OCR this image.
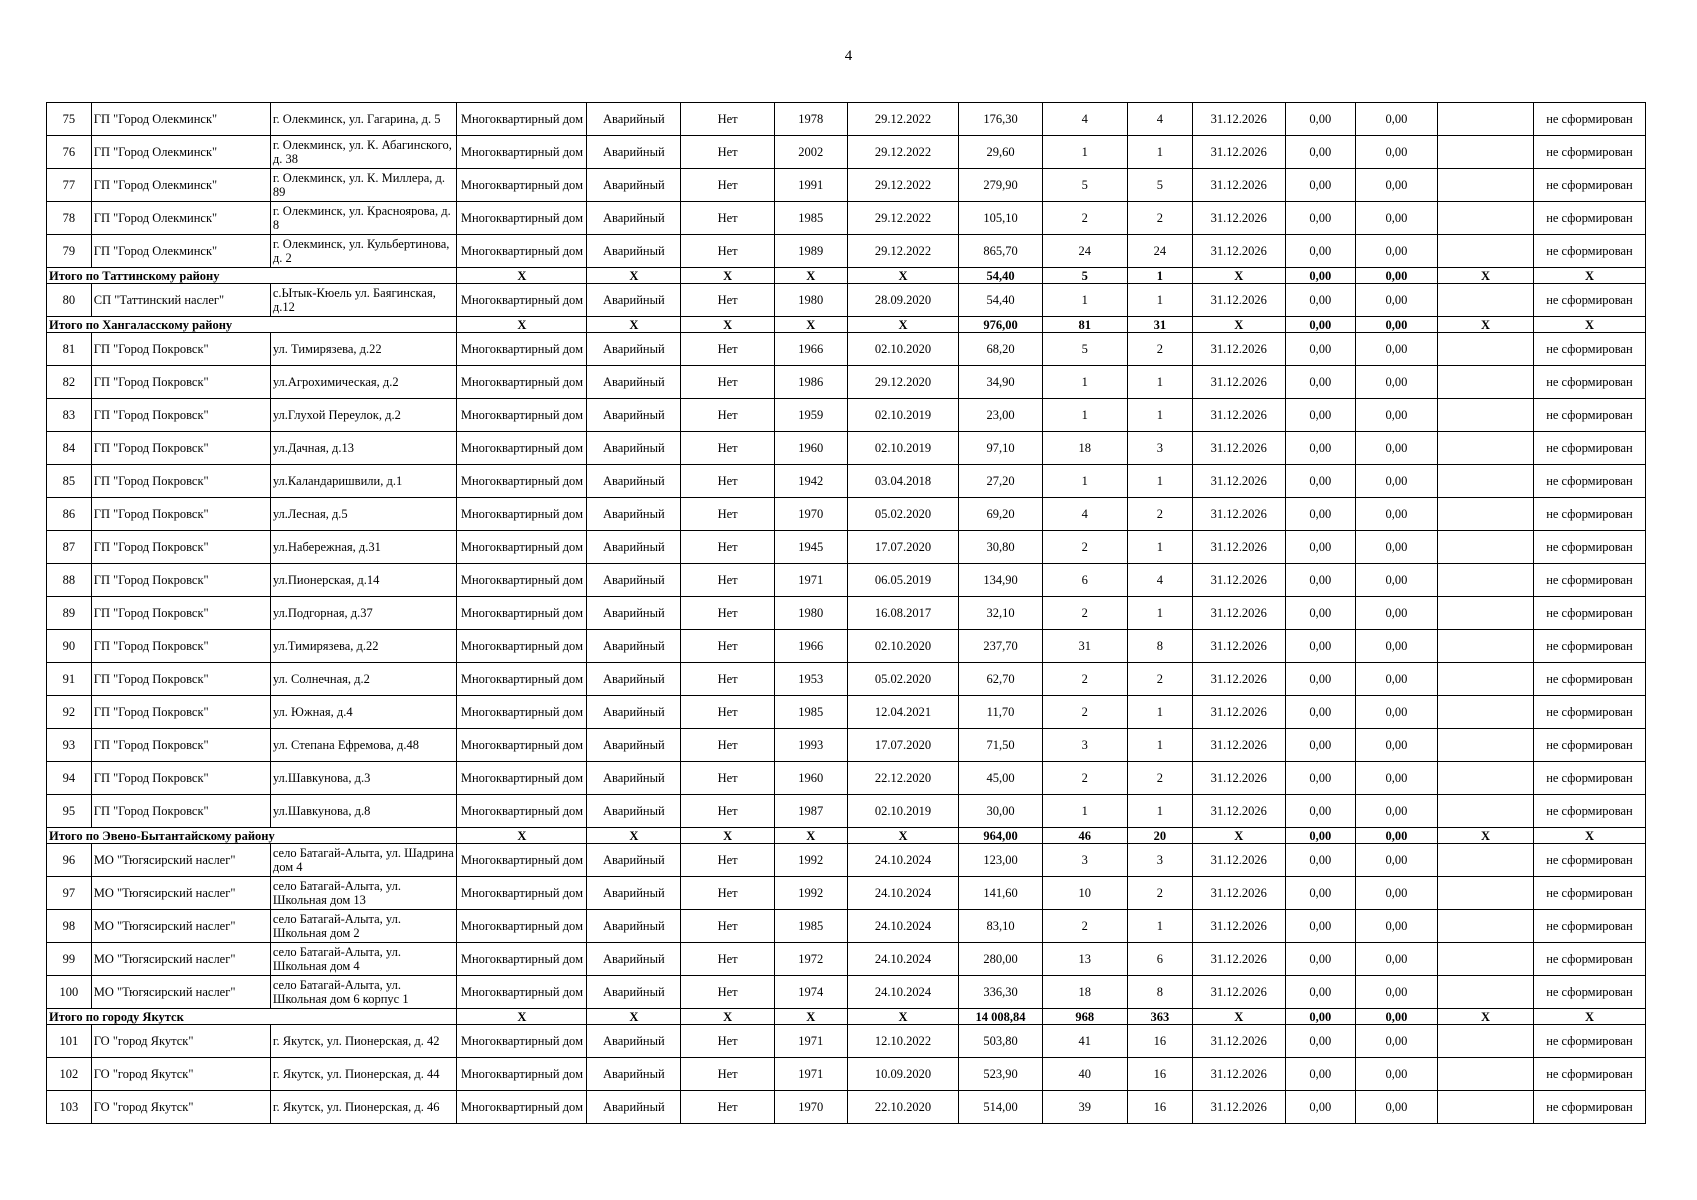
4
75	ГП "Город Олекминск"	г. Олекминск, ул. Гагарина, д. 5	Многоквартирный дом	Аварийный	Нет	1978	29.12.2022	176,30	4	4	31.12.2026	0,00	0,00		не сформирован
76	ГП "Город Олекминск"	г. Олекминск, ул. К. Абагинского, д. 38	Многоквартирный дом	Аварийный	Нет	2002	29.12.2022	29,60	1	1	31.12.2026	0,00	0,00		не сформирован
77	ГП "Город Олекминск"	г. Олекминск, ул. К. Миллера, д. 89	Многоквартирный дом	Аварийный	Нет	1991	29.12.2022	279,90	5	5	31.12.2026	0,00	0,00		не сформирован
78	ГП "Город Олекминск"	г. Олекминск, ул. Красноярова, д. 8	Многоквартирный дом	Аварийный	Нет	1985	29.12.2022	105,10	2	2	31.12.2026	0,00	0,00		не сформирован
79	ГП "Город Олекминск"	г. Олекминск, ул. Кульбертинова, д. 2	Многоквартирный дом	Аварийный	Нет	1989	29.12.2022	865,70	24	24	31.12.2026	0,00	0,00		не сформирован
Итого по Таттинскому району			X	X	X	X	X	54,40	5	1	X	0,00	0,00	X	X
80	СП "Таттинский наслег"	с.Ытык-Кюель ул. Баягинская, д.12	Многоквартирный дом	Аварийный	Нет	1980	28.09.2020	54,40	1	1	31.12.2026	0,00	0,00		не сформирован
Итого по Хангаласскому району			X	X	X	X	X	976,00	81	31	X	0,00	0,00	X	X
81	ГП "Город Покровск"	ул. Тимирязева, д.22	Многоквартирный дом	Аварийный	Нет	1966	02.10.2020	68,20	5	2	31.12.2026	0,00	0,00		не сформирован
82	ГП "Город Покровск"	ул.Агрохимическая, д.2	Многоквартирный дом	Аварийный	Нет	1986	29.12.2020	34,90	1	1	31.12.2026	0,00	0,00		не сформирован
83	ГП "Город Покровск"	ул.Глухой Переулок, д.2	Многоквартирный дом	Аварийный	Нет	1959	02.10.2019	23,00	1	1	31.12.2026	0,00	0,00		не сформирован
84	ГП "Город Покровск"	ул.Дачная, д.13	Многоквартирный дом	Аварийный	Нет	1960	02.10.2019	97,10	18	3	31.12.2026	0,00	0,00		не сформирован
85	ГП "Город Покровск"	ул.Каландаришвили, д.1	Многоквартирный дом	Аварийный	Нет	1942	03.04.2018	27,20	1	1	31.12.2026	0,00	0,00		не сформирован
86	ГП "Город Покровск"	ул.Лесная, д.5	Многоквартирный дом	Аварийный	Нет	1970	05.02.2020	69,20	4	2	31.12.2026	0,00	0,00		не сформирован
87	ГП "Город Покровск"	ул.Набережная, д.31	Многоквартирный дом	Аварийный	Нет	1945	17.07.2020	30,80	2	1	31.12.2026	0,00	0,00		не сформирован
88	ГП "Город Покровск"	ул.Пионерская, д.14	Многоквартирный дом	Аварийный	Нет	1971	06.05.2019	134,90	6	4	31.12.2026	0,00	0,00		не сформирован
89	ГП "Город Покровск"	ул.Подгорная, д.37	Многоквартирный дом	Аварийный	Нет	1980	16.08.2017	32,10	2	1	31.12.2026	0,00	0,00		не сформирован
90	ГП "Город Покровск"	ул.Тимирязева, д.22	Многоквартирный дом	Аварийный	Нет	1966	02.10.2020	237,70	31	8	31.12.2026	0,00	0,00		не сформирован
91	ГП "Город Покровск"	ул. Солнечная, д.2	Многоквартирный дом	Аварийный	Нет	1953	05.02.2020	62,70	2	2	31.12.2026	0,00	0,00		не сформирован
92	ГП "Город Покровск"	ул. Южная, д.4	Многоквартирный дом	Аварийный	Нет	1985	12.04.2021	11,70	2	1	31.12.2026	0,00	0,00		не сформирован
93	ГП "Город Покровск"	ул. Степана Ефремова, д.48	Многоквартирный дом	Аварийный	Нет	1993	17.07.2020	71,50	3	1	31.12.2026	0,00	0,00		не сформирован
94	ГП "Город Покровск"	ул.Шавкунова, д.3	Многоквартирный дом	Аварийный	Нет	1960	22.12.2020	45,00	2	2	31.12.2026	0,00	0,00		не сформирован
95	ГП "Город Покровск"	ул.Шавкунова, д.8	Многоквартирный дом	Аварийный	Нет	1987	02.10.2019	30,00	1	1	31.12.2026	0,00	0,00		не сформирован
Итого по Эвено-Бытантайскому району			X	X	X	X	X	964,00	46	20	X	0,00	0,00	X	X
96	МО "Тюгясирский наслег"	село Батагай-Алыта, ул. Шадрина дом 4	Многоквартирный дом	Аварийный	Нет	1992	24.10.2024	123,00	3	3	31.12.2026	0,00	0,00		не сформирован
97	МО "Тюгясирский наслег"	село Батагай-Алыта, ул. Школьная дом 13	Многоквартирный дом	Аварийный	Нет	1992	24.10.2024	141,60	10	2	31.12.2026	0,00	0,00		не сформирован
98	МО "Тюгясирский наслег"	село Батагай-Алыта, ул. Школьная дом 2	Многоквартирный дом	Аварийный	Нет	1985	24.10.2024	83,10	2	1	31.12.2026	0,00	0,00		не сформирован
99	МО "Тюгясирский наслег"	село Батагай-Алыта, ул. Школьная дом 4	Многоквартирный дом	Аварийный	Нет	1972	24.10.2024	280,00	13	6	31.12.2026	0,00	0,00		не сформирован
100	МО "Тюгясирский наслег"	село Батагай-Алыта, ул. Школьная дом 6 корпус 1	Многоквартирный дом	Аварийный	Нет	1974	24.10.2024	336,30	18	8	31.12.2026	0,00	0,00		не сформирован
Итого по городу Якутск			X	X	X	X	X	14 008,84	968	363	X	0,00	0,00	X	X
101	ГО "город Якутск"	г. Якутск, ул. Пионерская, д. 42	Многоквартирный дом	Аварийный	Нет	1971	12.10.2022	503,80	41	16	31.12.2026	0,00	0,00		не сформирован
102	ГО "город Якутск"	г. Якутск, ул. Пионерская, д. 44	Многоквартирный дом	Аварийный	Нет	1971	10.09.2020	523,90	40	16	31.12.2026	0,00	0,00		не сформирован
103	ГО "город Якутск"	г. Якутск, ул. Пионерская, д. 46	Многоквартирный дом	Аварийный	Нет	1970	22.10.2020	514,00	39	16	31.12.2026	0,00	0,00		не сформирован
